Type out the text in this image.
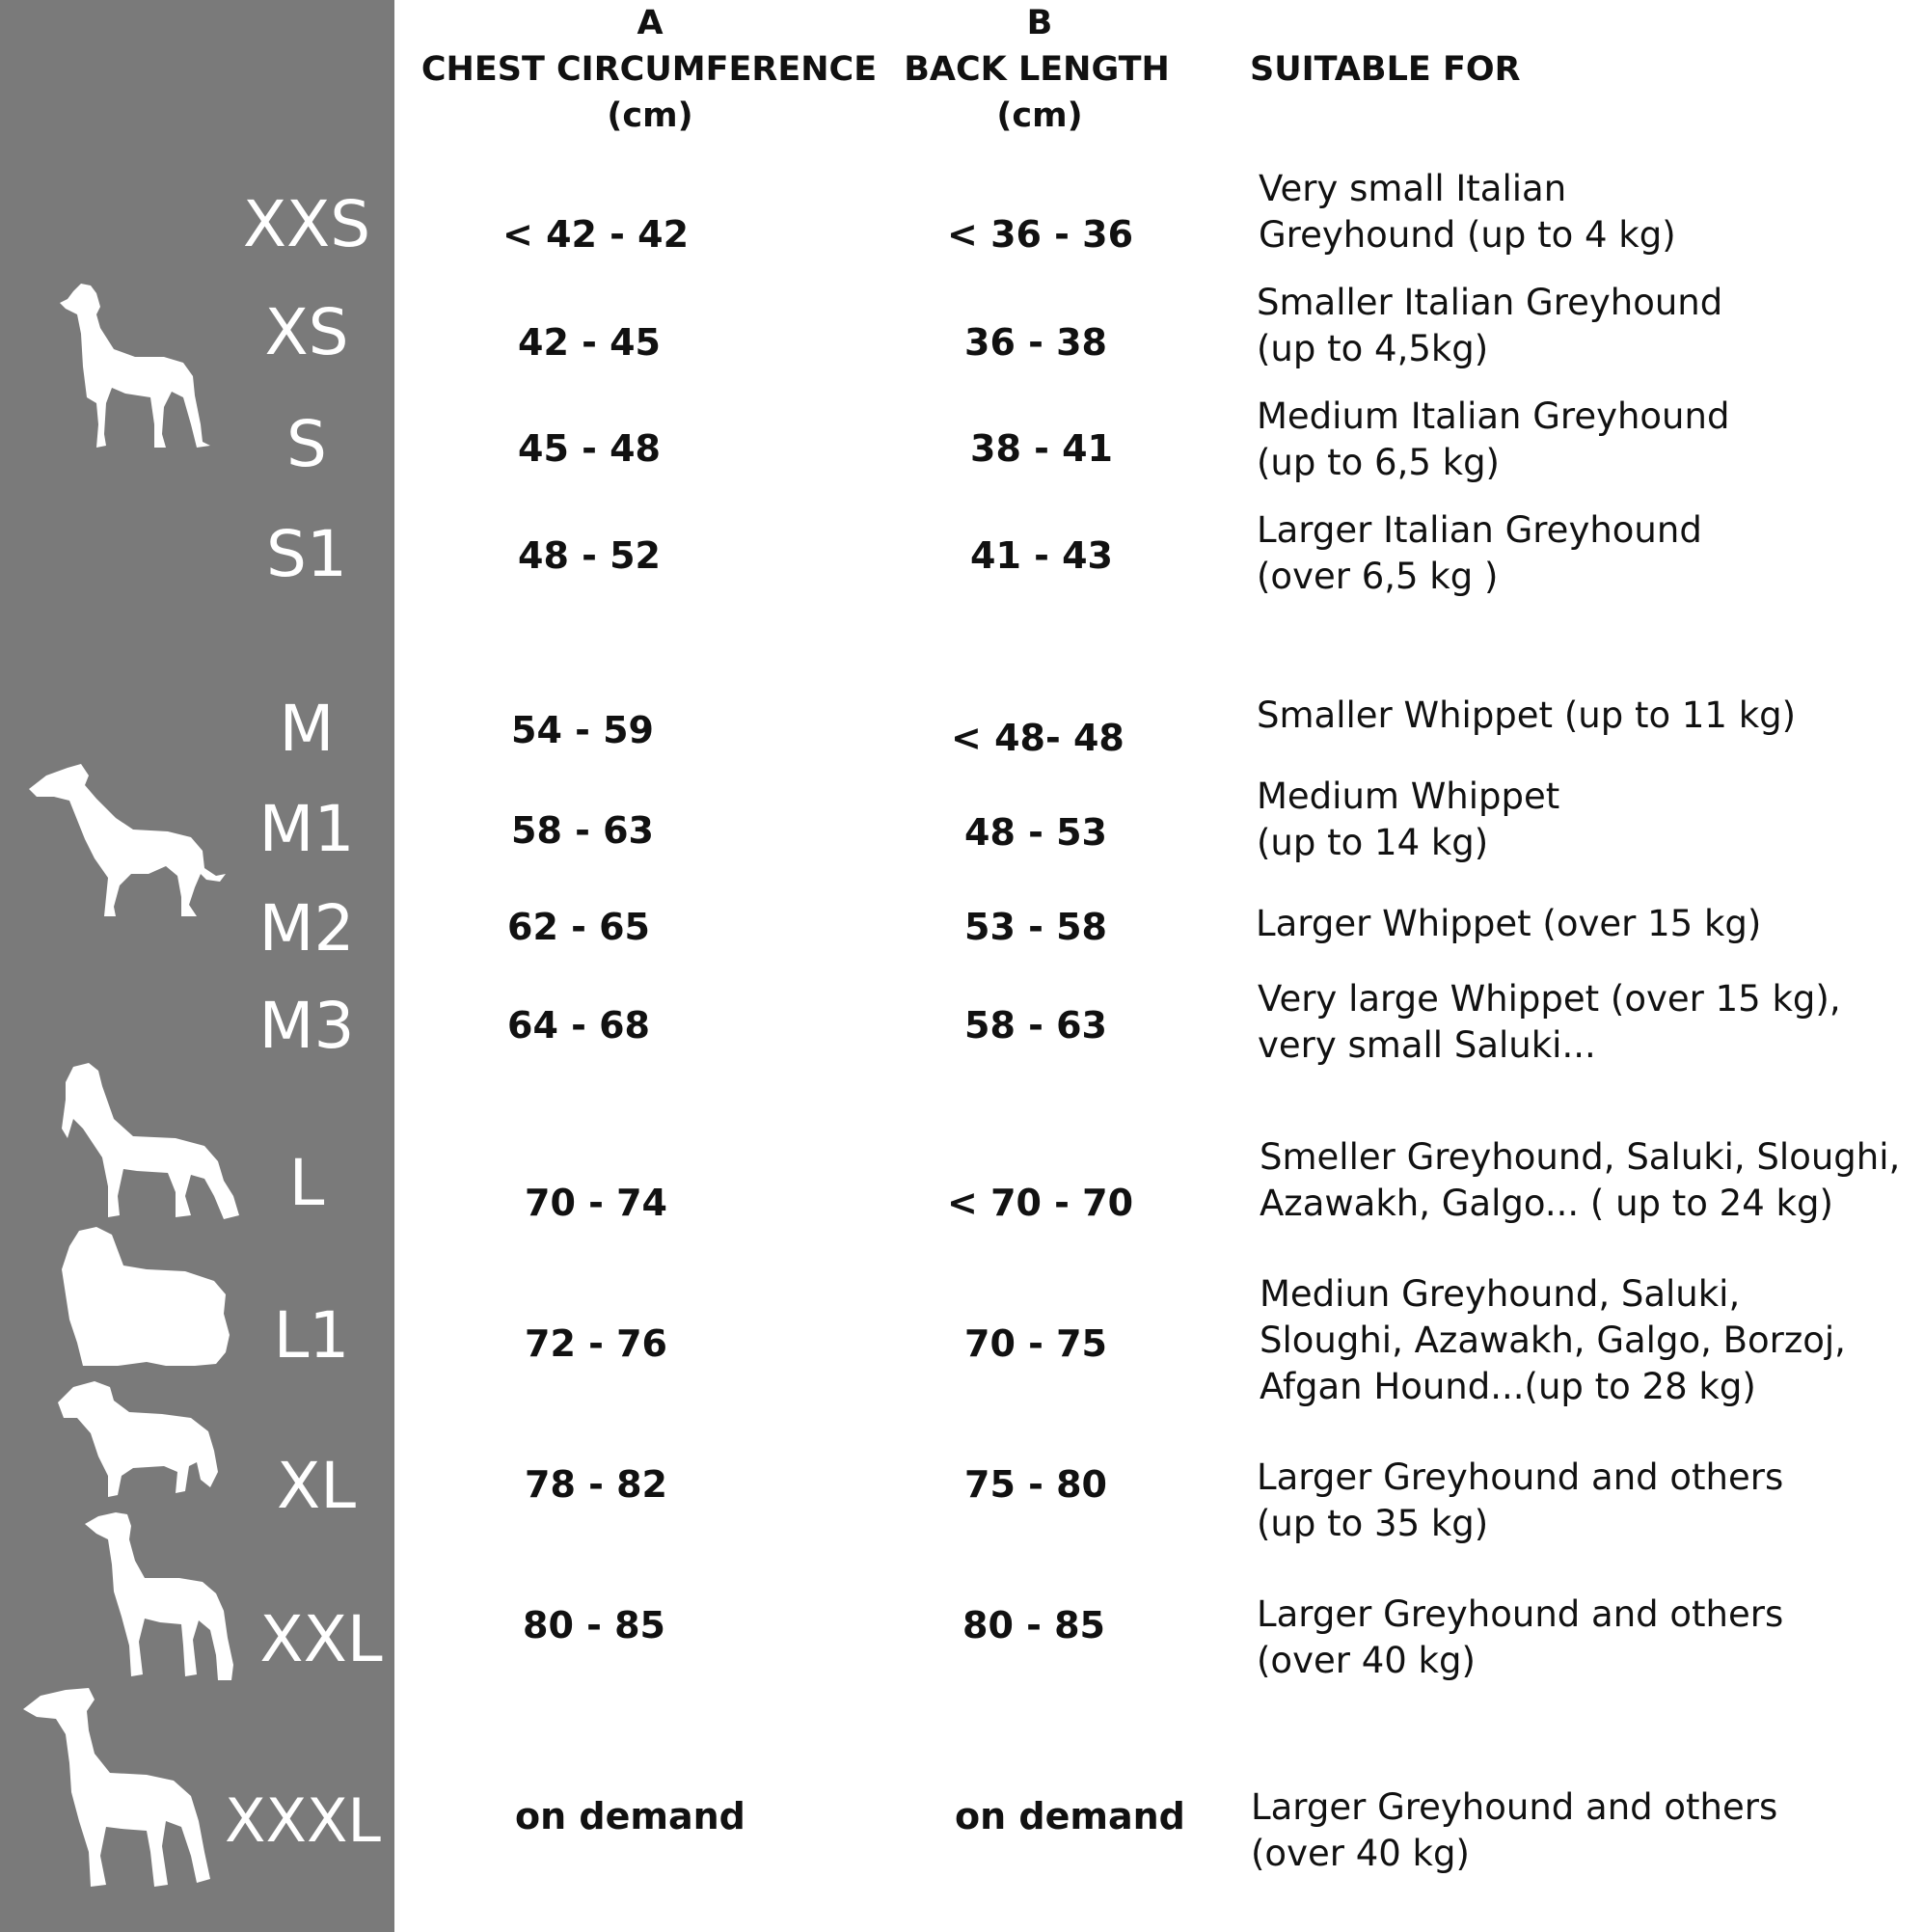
XXS
XS
S
S1
M
M1
M2
M3
L
L1
XL
XXL
XXXL
A
CHEST CIRCUMFERENCE
(cm)
B
BACK LENGTH
(cm)
SUITABLE FOR
< 42 - 42
42 - 45
45 - 48
48 - 52
54 - 59
58 - 63
62 - 65
64 - 68
70 - 74
72 - 76
78 - 82
80 - 85
on demand
< 36 - 36
36 - 38
38 - 41
41 - 43
< 48- 48
48 - 53
53 - 58
58 - 63
< 70 - 70
70 - 75
75 - 80
80 - 85
on demand
Very small Italian
Greyhound (up to 4 kg)
Smaller Italian Greyhound
(up to 4,5kg)
Medium Italian Greyhound
(up to 6,5 kg)
Larger Italian Greyhound
(over 6,5 kg )
Smaller Whippet (up to 11 kg)
Medium Whippet
(up to 14 kg)
Larger Whippet (over 15 kg)
Very large Whippet (over 15 kg),
very small Saluki...
Smeller Greyhound, Saluki, Sloughi,
Azawakh, Galgo... ( up to 24 kg)
Mediun Greyhound, Saluki,
Sloughi, Azawakh, Galgo, Borzoj,
Afgan Hound...(up to 28 kg)
Larger Greyhound and others
(up to 35 kg)
Larger Greyhound and others
(over 40 kg)
Larger Greyhound and others
(over 40 kg)
